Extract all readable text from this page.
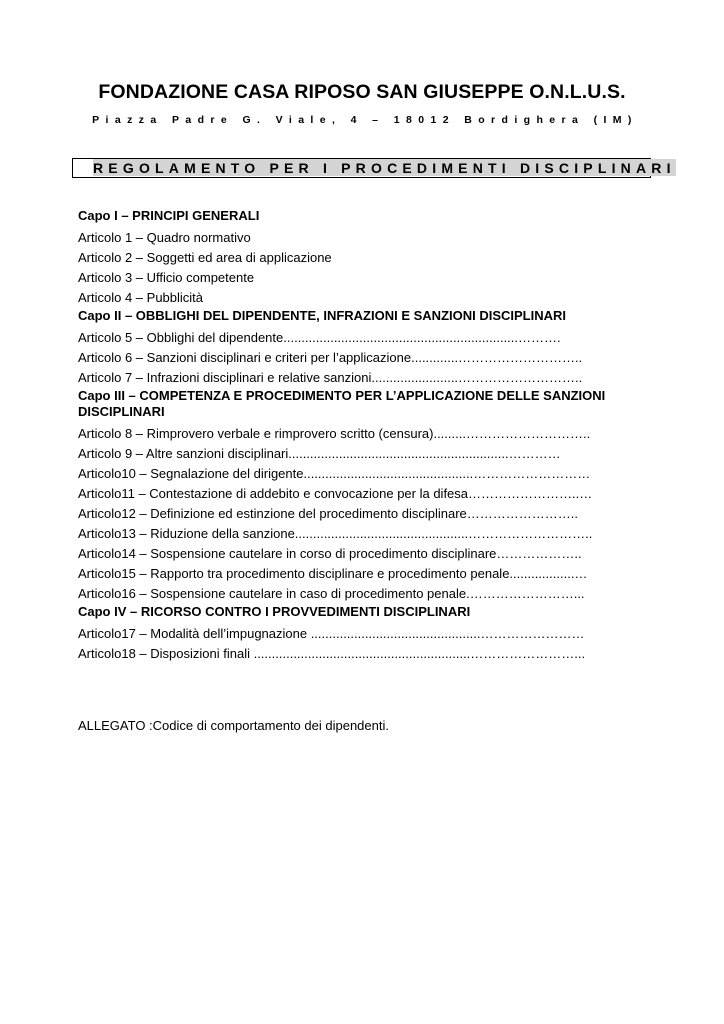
FONDAZIONE CASA RIPOSO SAN GIUSEPPE O.N.L.U.S.
Piazza Padre G. Viale, 4 – 18012 Bordighera (IM)
REGOLAMENTO PER I PROCEDIMENTI DISCIPLINARI
Capo I – PRINCIPI GENERALI
Articolo 1 – Quadro normativo
Articolo 2 – Soggetti ed area di applicazione
Articolo 3 – Ufficio competente
Articolo 4 – Pubblicità
Capo II – OBBLIGHI DEL DIPENDENTE, INFRAZIONI E SANZIONI DISCIPLINARI
Articolo 5 – Obblighi del dipendente.................................................................……….
Articolo 6 – Sanzioni disciplinari e criteri per l’applicazione.............………………………..
Articolo 7 – Infrazioni disciplinari e relative sanzioni........................………………………..
Capo III – COMPETENZA E PROCEDIMENTO PER L’APPLICAZIONE DELLE SANZIONI DISCIPLINARI
Articolo 8 – Rimprovero verbale e rimprovero scritto (censura).........………………………..
Articolo 9 – Altre sanzioni disciplinari.............................................................…………
Articolo10 – Segnalazione del dirigente...............................................………………………
Articolo11 – Contestazione di addebito e convocazione per la difesa……………………..…
Articolo12 – Definizione ed estinzione del procedimento disciplinare……………………..
Articolo13 – Riduzione della sanzione................................................………………………..
Articolo14 – Sospensione cautelare in corso di procedimento disciplinare………………..
Articolo15 – Rapporto tra procedimento disciplinare e procedimento penale..................…
Articolo16 – Sospensione cautelare in caso di procedimento penale.……………………...
Capo IV – RICORSO CONTRO I PROVVEDIMENTI DISCIPLINARI
Articolo17 – Modalità dell’impugnazione ...............................................……………………
Articolo18 – Disposizioni finali ............................................................……………………...
ALLEGATO :Codice di comportamento dei dipendenti.
